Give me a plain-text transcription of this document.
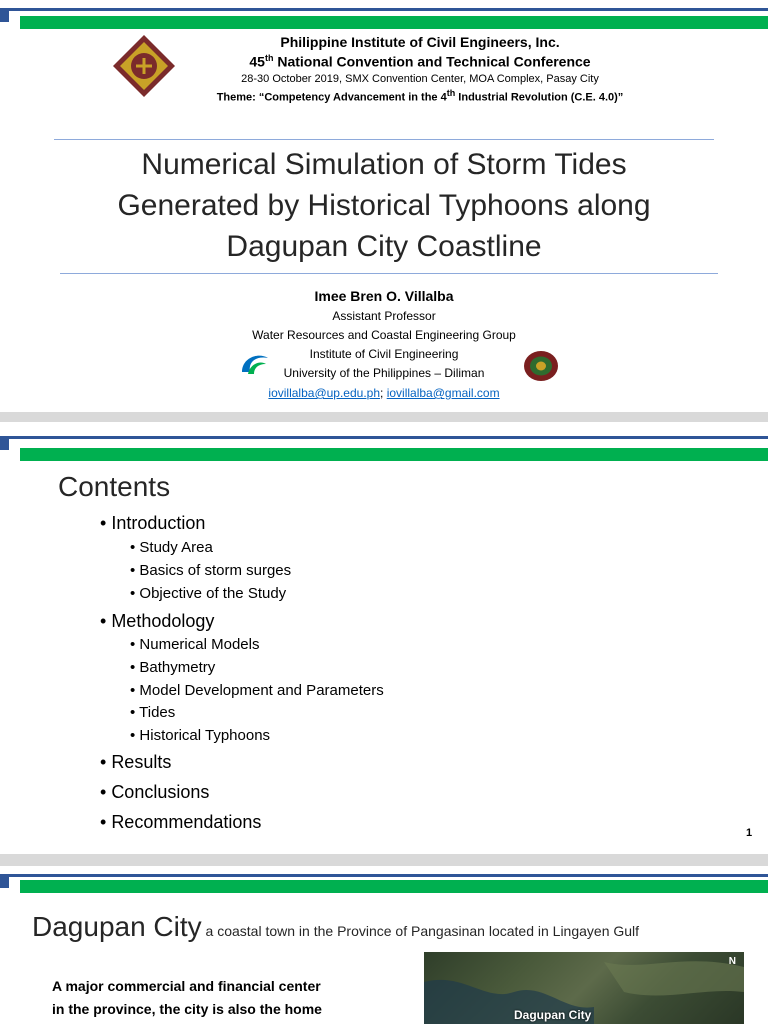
Philippine Institute of Civil Engineers, Inc.
45th National Convention and Technical Conference
28-30 October 2019, SMX Convention Center, MOA Complex, Pasay City
Theme: “Competency Advancement in the 4th Industrial Revolution (C.E. 4.0)”
Numerical Simulation of Storm Tides
Generated by Historical Typhoons along
Dagupan City Coastline
Imee Bren O. Villalba
Assistant Professor
Water Resources and Coastal Engineering Group
Institute of Civil Engineering
University of the Philippines – Diliman
iovillalba@up.edu.ph; iovillalba@gmail.com
Contents
• Introduction
• Study Area
• Basics of storm surges
• Objective of the Study
• Methodology
• Numerical Models
• Bathymetry
• Model Development and Parameters
• Tides
• Historical Typhoons
• Results
• Conclusions
• Recommendations
1
Dagupan City a coastal town in the Province of Pangasinan located in Lingayen Gulf
A major commercial and financial center
in the province, the city is also the home
N
Dagupan City
